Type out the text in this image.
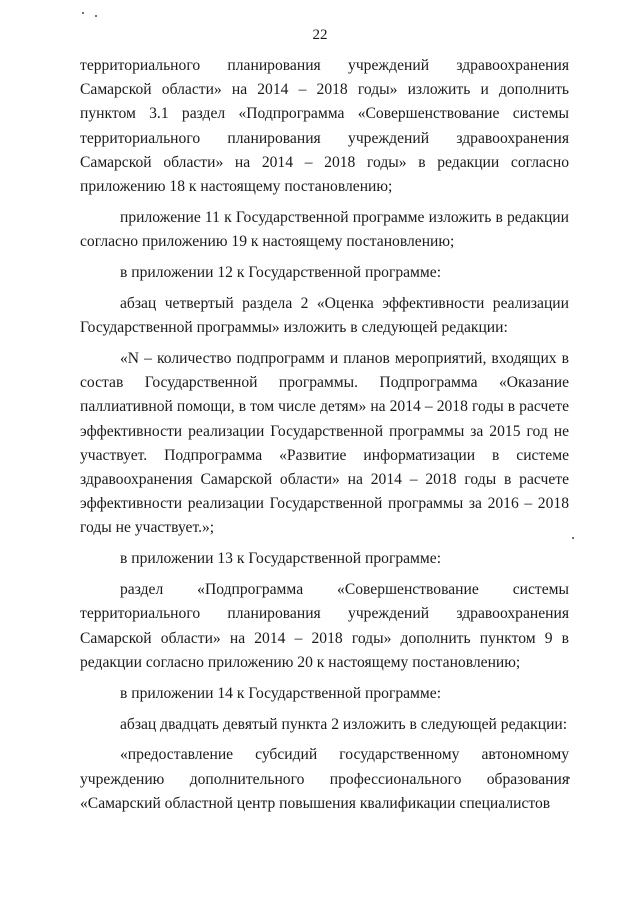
22

территориального планирования учреждений здравоохранения Самарской области» на 2014 – 2018 годы» изложить и дополнить пунктом 3.1 раздел «Подпрограмма «Совершенствование системы территориального планирования учреждений здравоохранения Самарской области» на 2014 – 2018 годы» в редакции согласно приложению 18 к настоящему постановлению;

приложение 11 к Государственной программе изложить в редакции согласно приложению 19 к настоящему постановлению;

в приложении 12 к Государственной программе:

абзац четвертый раздела 2 «Оценка эффективности реализации Государственной программы» изложить в следующей редакции:

«N – количество подпрограмм и планов мероприятий, входящих в состав Государственной программы. Подпрограмма «Оказание паллиативной помощи, в том числе детям» на 2014 – 2018 годы в расчете эффективности реализации Государственной программы за 2015 год не участвует. Подпрограмма «Развитие информатизации в системе здравоохранения Самарской области» на 2014 – 2018 годы в расчете эффективности реализации Государственной программы за 2016 – 2018 годы не участвует.»;

в приложении 13 к Государственной программе:

раздел «Подпрограмма «Совершенствование системы территориального планирования учреждений здравоохранения Самарской области» на 2014 – 2018 годы» дополнить пунктом 9 в редакции согласно приложению 20 к настоящему постановлению;

в приложении 14 к Государственной программе:

абзац двадцать девятый пункта 2 изложить в следующей редакции:

«предоставление субсидий государственному автономному учреждению дополнительного профессионального образования «Самарский областной центр повышения квалификации специалистов
